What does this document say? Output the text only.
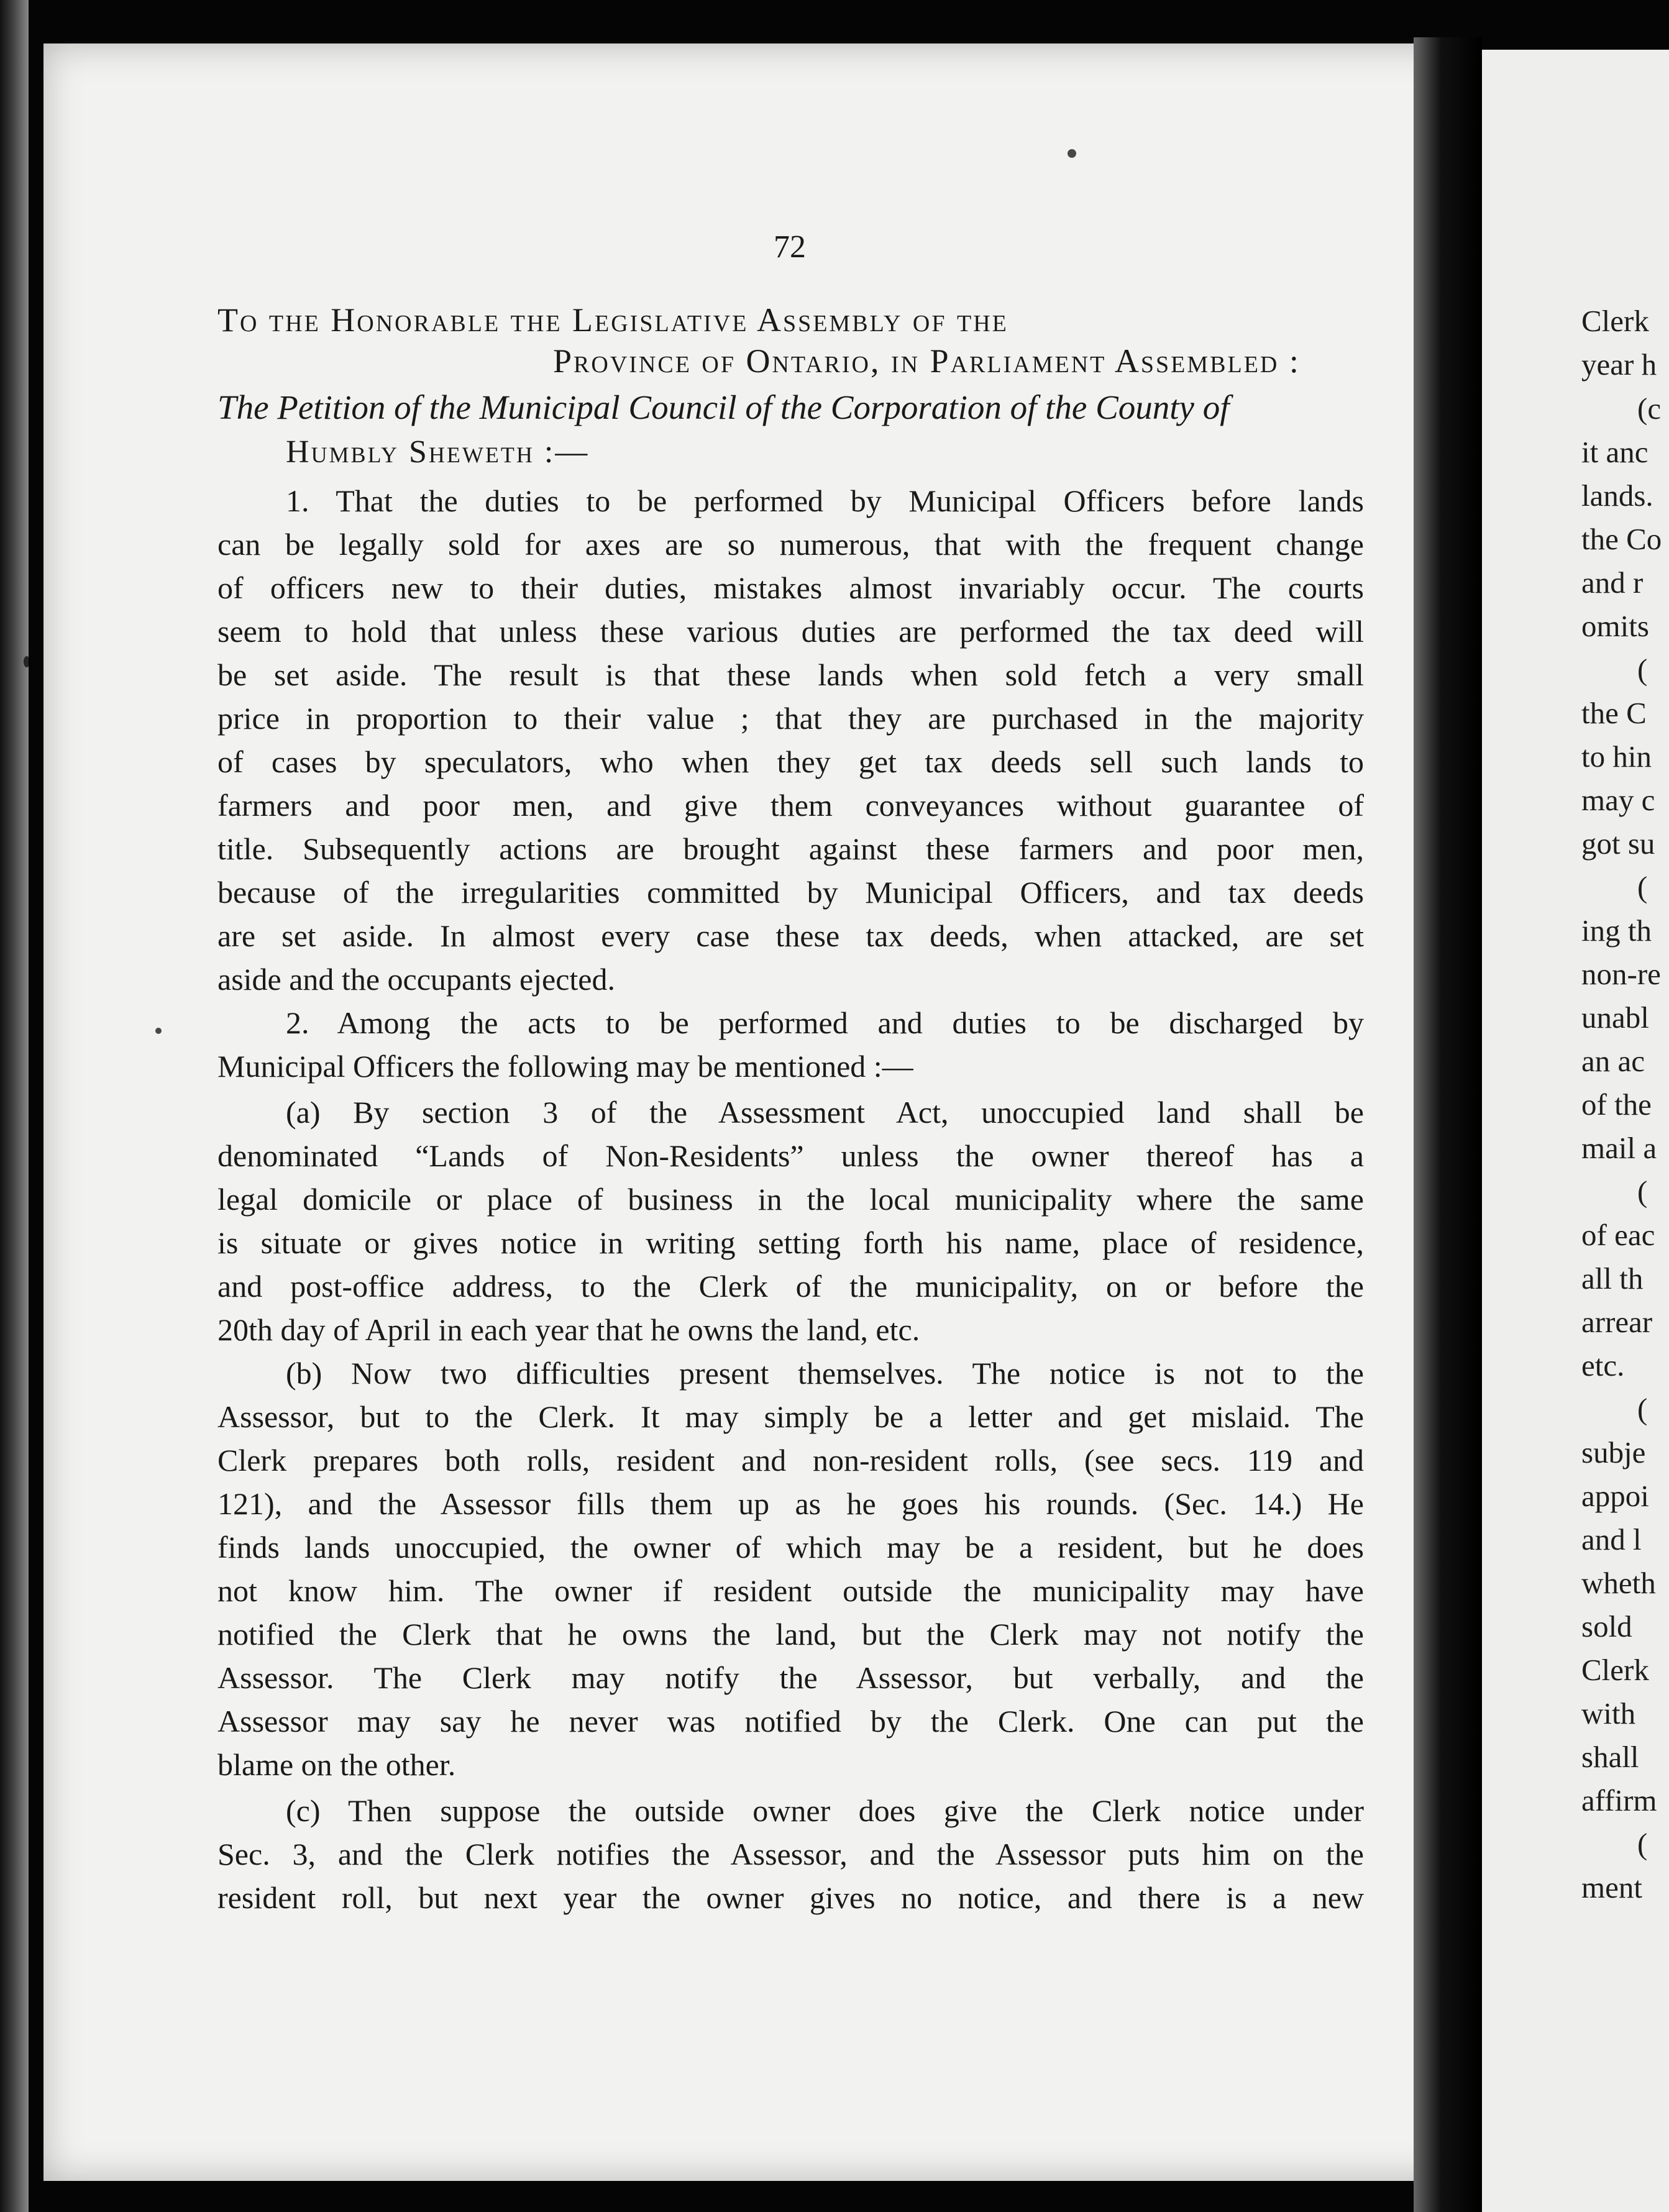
Clerk
year h
(c
it anc
lands.
the Co
and r
omits
(
the C
to hin
may c
got su
(
ing th
non-re
unabl
an ac
of the
mail a
(
of eac
all th
arrear
etc.
(
subje
appoi
and l
wheth
sold
Clerk
with
shall
affirm
(
ment
72
To the Honorable the Legislative Assembly of the
Province of Ontario, in Parliament Assembled :
The Petition of the Municipal Council of the Corporation of the County of
Humbly Sheweth :—
1. That the duties to be performed by Municipal Officers before lands
can be legally sold for axes are so numerous, that with the frequent change
of officers new to their duties, mistakes almost invariably occur. The courts
seem to hold that unless these various duties are performed the tax deed will
be set aside. The result is that these lands when sold fetch a very small
price in proportion to their value ; that they are purchased in the majority
of cases by speculators, who when they get tax deeds sell such lands to
farmers and poor men, and give them conveyances without guarantee of
title. Subsequently actions are brought against these farmers and poor men,
because of the irregularities committed by Municipal Officers, and tax deeds
are set aside. In almost every case these tax deeds, when attacked, are set
aside and the occupants ejected.
2. Among the acts to be performed and duties to be discharged by
Municipal Officers the following may be mentioned :—
(a) By section 3 of the Assessment Act, unoccupied land shall be
denominated “Lands of Non-Residents” unless the owner thereof has a
legal domicile or place of business in the local municipality where the same
is situate or gives notice in writing setting forth his name, place of residence,
and post-office address, to the Clerk of the municipality, on or before the
20th day of April in each year that he owns the land, etc.
(b) Now two difficulties present themselves. The notice is not to the
Assessor, but to the Clerk. It may simply be a letter and get mislaid. The
Clerk prepares both rolls, resident and non-resident rolls, (see secs. 119 and
121), and the Assessor fills them up as he goes his rounds. (Sec. 14.) He
finds lands unoccupied, the owner of which may be a resident, but he does
not know him. The owner if resident outside the municipality may have
notified the Clerk that he owns the land, but the Clerk may not notify the
Assessor. The Clerk may notify the Assessor, but verbally, and the
Assessor may say he never was notified by the Clerk. One can put the
blame on the other.
(c) Then suppose the outside owner does give the Clerk notice under
Sec. 3, and the Clerk notifies the Assessor, and the Assessor puts him on the
resident roll, but next year the owner gives no notice, and there is a new
